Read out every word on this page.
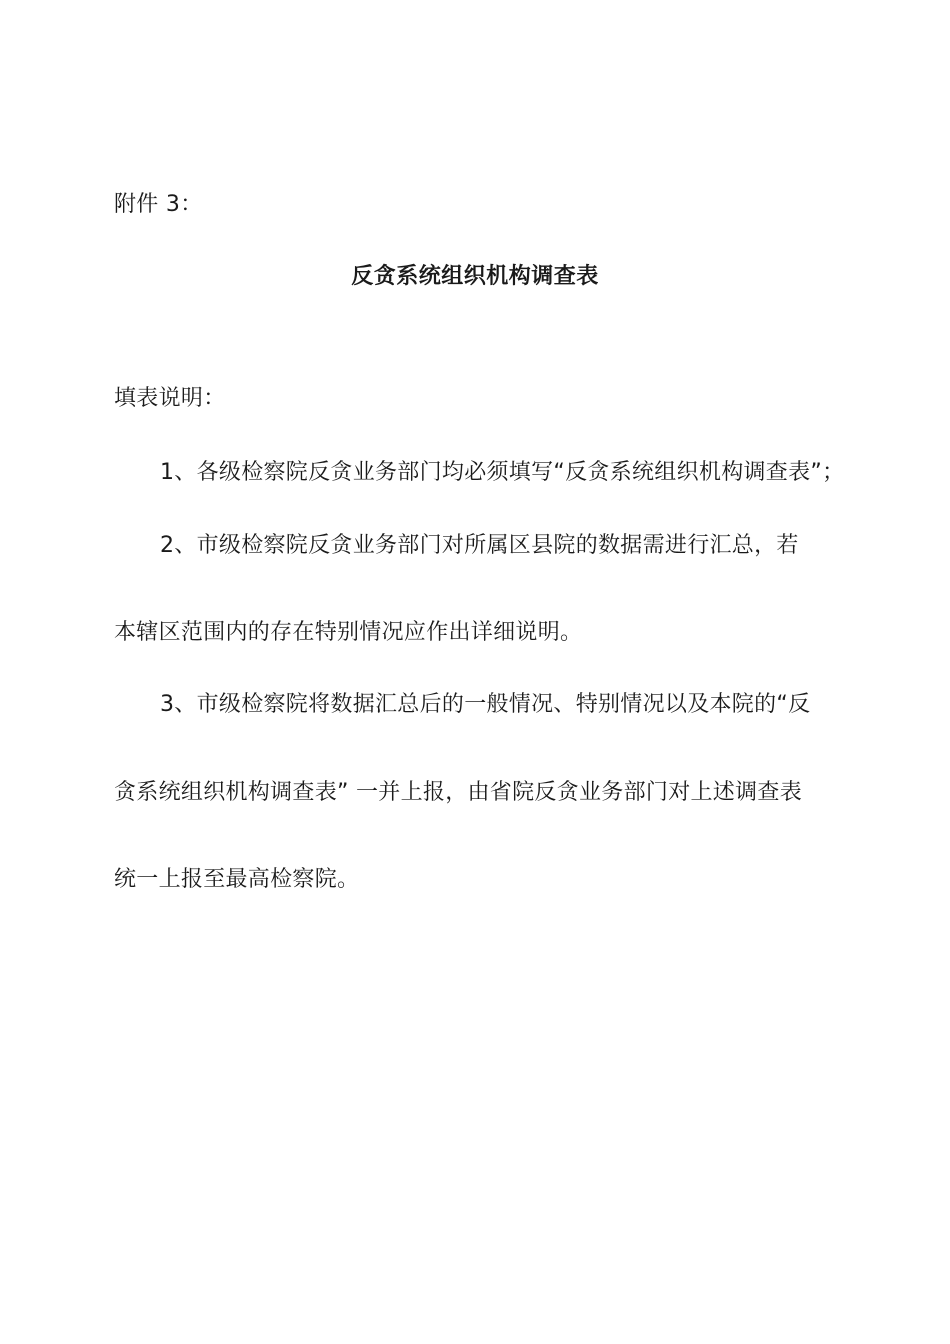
附件 3：
反贪系统组织机构调查表
填表说明：
1、各级检察院反贪业务部门均必须填写“反贪系统组织机构调查表”；
2、市级检察院反贪业务部门对所属区县院的数据需进行汇总，若
本辖区范围内的存在特别情况应作出详细说明。
3、市级检察院将数据汇总后的一般情况、特别情况以及本院的“反
贪系统组织机构调查表” 一并上报，由省院反贪业务部门对上述调查表
统一上报至最高检察院。
